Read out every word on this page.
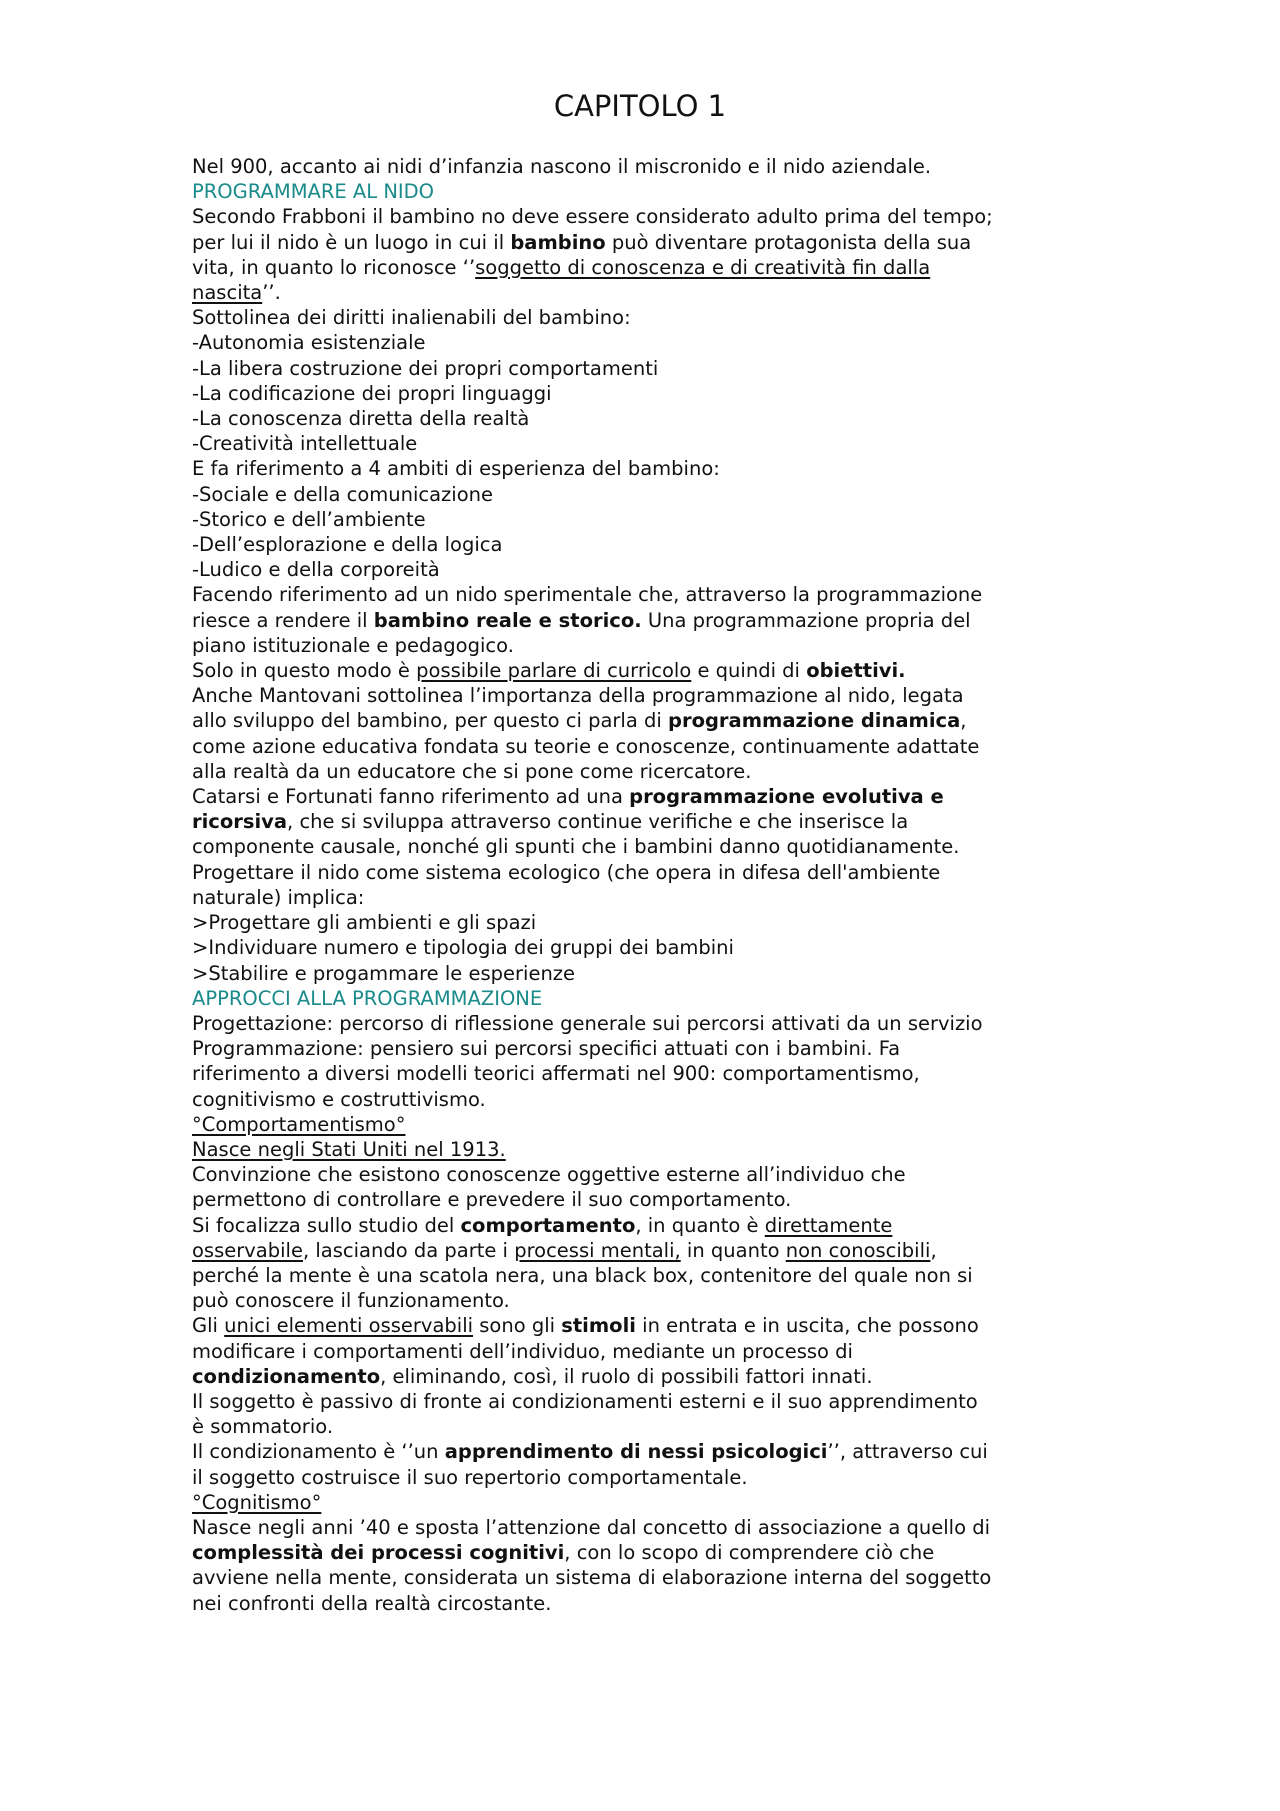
CAPITOLO 1

Nel 900, accanto ai nidi d’infanzia nascono il miscronido e il nido aziendale.

PROGRAMMARE AL NIDO

Secondo Frabboni il bambino no deve essere considerato adulto prima del tempo;

per lui il nido è un luogo in cui il bambino può diventare protagonista della sua

vita, in quanto lo riconosce ‘’soggetto di conoscenza e di creatività fin dalla

nascita’’.

Sottolinea dei diritti inalienabili del bambino:

-Autonomia esistenziale

-La libera costruzione dei propri comportamenti

-La codificazione dei propri linguaggi

-La conoscenza diretta della realtà

-Creatività intellettuale

E fa riferimento a 4 ambiti di esperienza del bambino:

-Sociale e della comunicazione

-Storico e dell’ambiente

-Dell’esplorazione e della logica

-Ludico e della corporeità

Facendo riferimento ad un nido sperimentale che, attraverso la programmazione

riesce a rendere il bambino reale e storico. Una programmazione propria del

piano istituzionale e pedagogico.

Solo in questo modo è possibile parlare di curricolo e quindi di obiettivi.

Anche Mantovani sottolinea l’importanza della programmazione al nido, legata

allo sviluppo del bambino, per questo ci parla di programmazione dinamica,

come azione educativa fondata su teorie e conoscenze, continuamente adattate

alla realtà da un educatore che si pone come ricercatore.

Catarsi e Fortunati fanno riferimento ad una programmazione evolutiva e

ricorsiva, che si sviluppa attraverso continue verifiche e che inserisce la

componente causale, nonché gli spunti che i bambini danno quotidianamente.

Progettare il nido come sistema ecologico (che opera in difesa dell'ambiente

naturale) implica:

>Progettare gli ambienti e gli spazi

>Individuare numero e tipologia dei gruppi dei bambini

>Stabilire e progammare le esperienze

APPROCCI ALLA PROGRAMMAZIONE

Progettazione: percorso di riflessione generale sui percorsi attivati da un servizio

Programmazione: pensiero sui percorsi specifici attuati con i bambini. Fa

riferimento a diversi modelli teorici affermati nel 900: comportamentismo,

cognitivismo e costruttivismo.

°Comportamentismo°

Nasce negli Stati Uniti nel 1913.

Convinzione che esistono conoscenze oggettive esterne all’individuo che

permettono di controllare e prevedere il suo comportamento.

Si focalizza sullo studio del comportamento, in quanto è direttamente

osservabile, lasciando da parte i processi mentali, in quanto non conoscibili,

perché la mente è una scatola nera, una black box, contenitore del quale non si

può conoscere il funzionamento.

Gli unici elementi osservabili sono gli stimoli in entrata e in uscita, che possono

modificare i comportamenti dell’individuo, mediante un processo di

condizionamento, eliminando, così, il ruolo di possibili fattori innati.

Il soggetto è passivo di fronte ai condizionamenti esterni e il suo apprendimento

è sommatorio.

Il condizionamento è ‘’un apprendimento di nessi psicologici’’, attraverso cui

il soggetto costruisce il suo repertorio comportamentale.

°Cognitismo°

Nasce negli anni ’40 e sposta l’attenzione dal concetto di associazione a quello di

complessità dei processi cognitivi, con lo scopo di comprendere ciò che

avviene nella mente, considerata un sistema di elaborazione interna del soggetto

nei confronti della realtà circostante.
